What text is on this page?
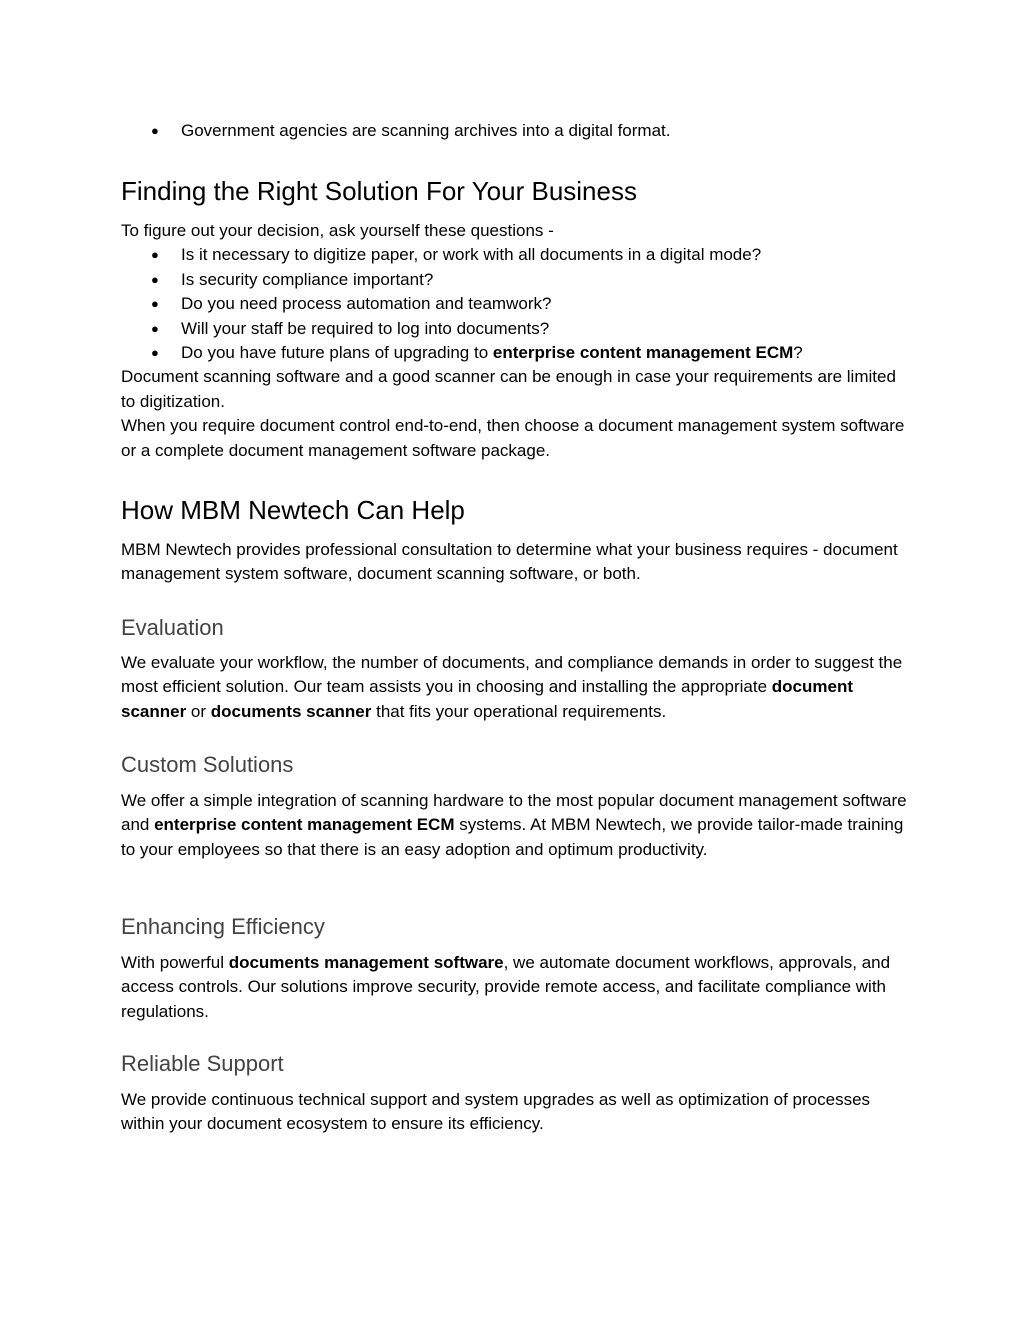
● Government agencies are scanning archives into a digital format.
Finding the Right Solution For Your Business

To figure out your decision, ask yourself these questions -

● Is it necessary to digitize paper, or work with all documents in a digital mode?
● Is security compliance important?
● Do you need process automation and teamwork?
● Will your staff be required to log into documents?
● Do you have future plans of upgrading to enterprise content management ECM?

Document scanning software and a good scanner can be enough in case your requirements are limited to digitization.

When you require document control end-to-end, then choose a document management system software or a complete document management software package.

How MBM Newtech Can Help

MBM Newtech provides professional consultation to determine what your business requires - document management system software, document scanning software, or both.

Evaluation

We evaluate your workflow, the number of documents, and compliance demands in order to suggest the most efficient solution. Our team assists you in choosing and installing the appropriate document scanner or documents scanner that fits your operational requirements.

Custom Solutions

We offer a simple integration of scanning hardware to the most popular document management software and enterprise content management ECM systems. At MBM Newtech, we provide tailor-made training to your employees so that there is an easy adoption and optimum productivity.

Enhancing Efficiency

With powerful documents management software, we automate document workflows, approvals, and access controls. Our solutions improve security, provide remote access, and facilitate compliance with regulations.

Reliable Support

We provide continuous technical support and system upgrades as well as optimization of processes within your document ecosystem to ensure its efficiency.
